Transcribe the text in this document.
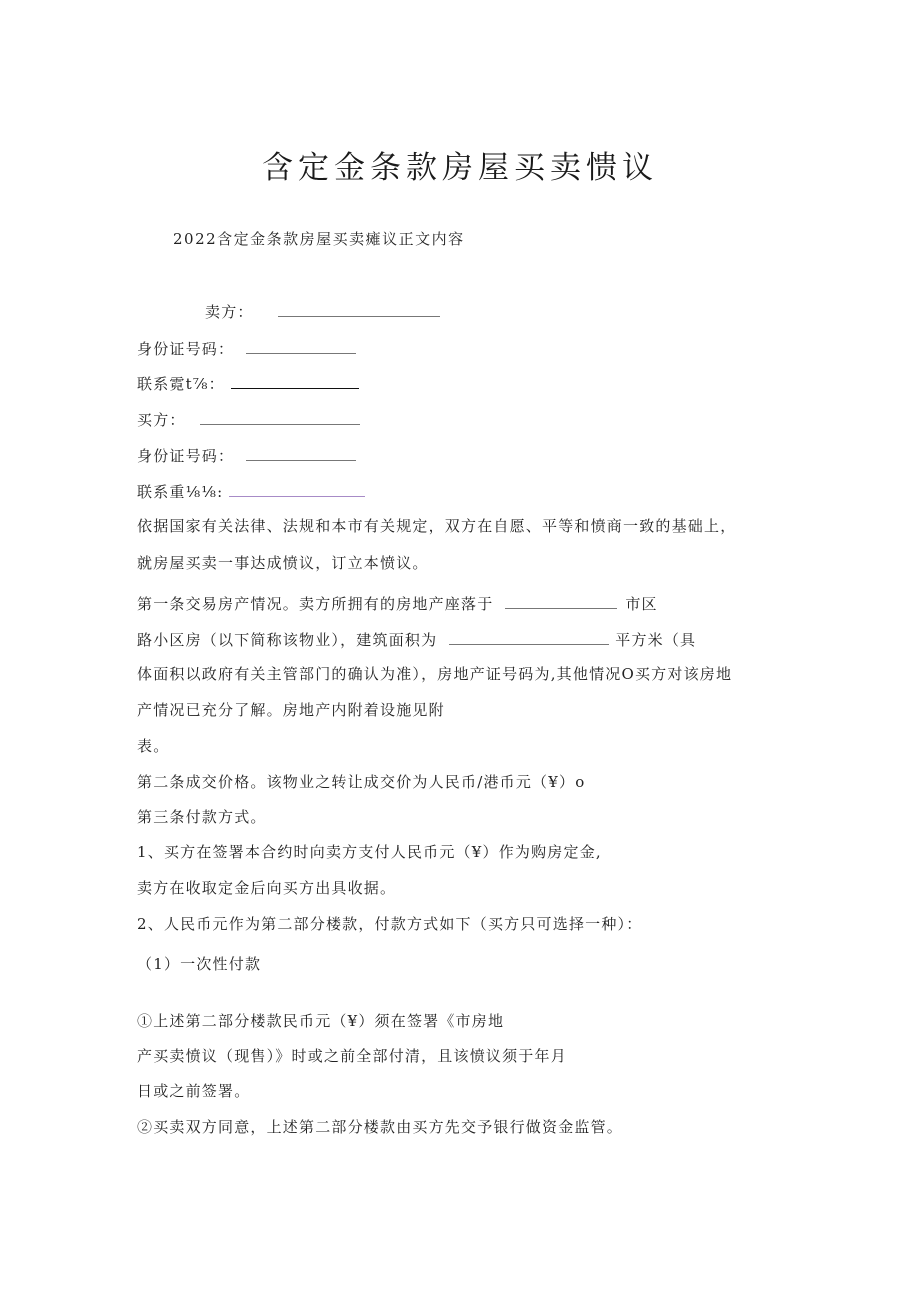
含定金条款房屋买卖愦议
2022含定金条款房屋买卖瘫议正文内容
卖方：
身份证号码：
联系霓t⅞：
买方：
身份证号码：
联系重⅛⅛:
依据国家有关法律、法规和本市有关规定，双方在自愿、平等和愤商一致的基础上，
就房屋买卖一事达成愤议，订立本愤议。
第一条交易房产情况。卖方所拥有的房地产座落于	市区
路小区房（以下简称该物业），建筑面积为	平方米（具
体面积以政府有关主管部门的确认为准），房地产证号码为,其他情况O买方对该房地
产情况已充分了解。房地产内附着设施见附
表。
第二条成交价格。该物业之转让成交价为人民币/港币元（¥）o
第三条付款方式。
1、买方在签署本合约时向卖方支付人民币元（¥）作为购房定金,
卖方在收取定金后向买方出具收据。
2、人民币元作为第二部分楼款，付款方式如下（买方只可选择一种）：
（1）一次性付款
①上述第二部分楼款民币元（¥）须在签署《市房地
产买卖愤议（现售）》时或之前全部付清，且该愤议须于年月
日或之前签署。
②买卖双方同意，上述第二部分楼款由买方先交予银行做资金监管。
